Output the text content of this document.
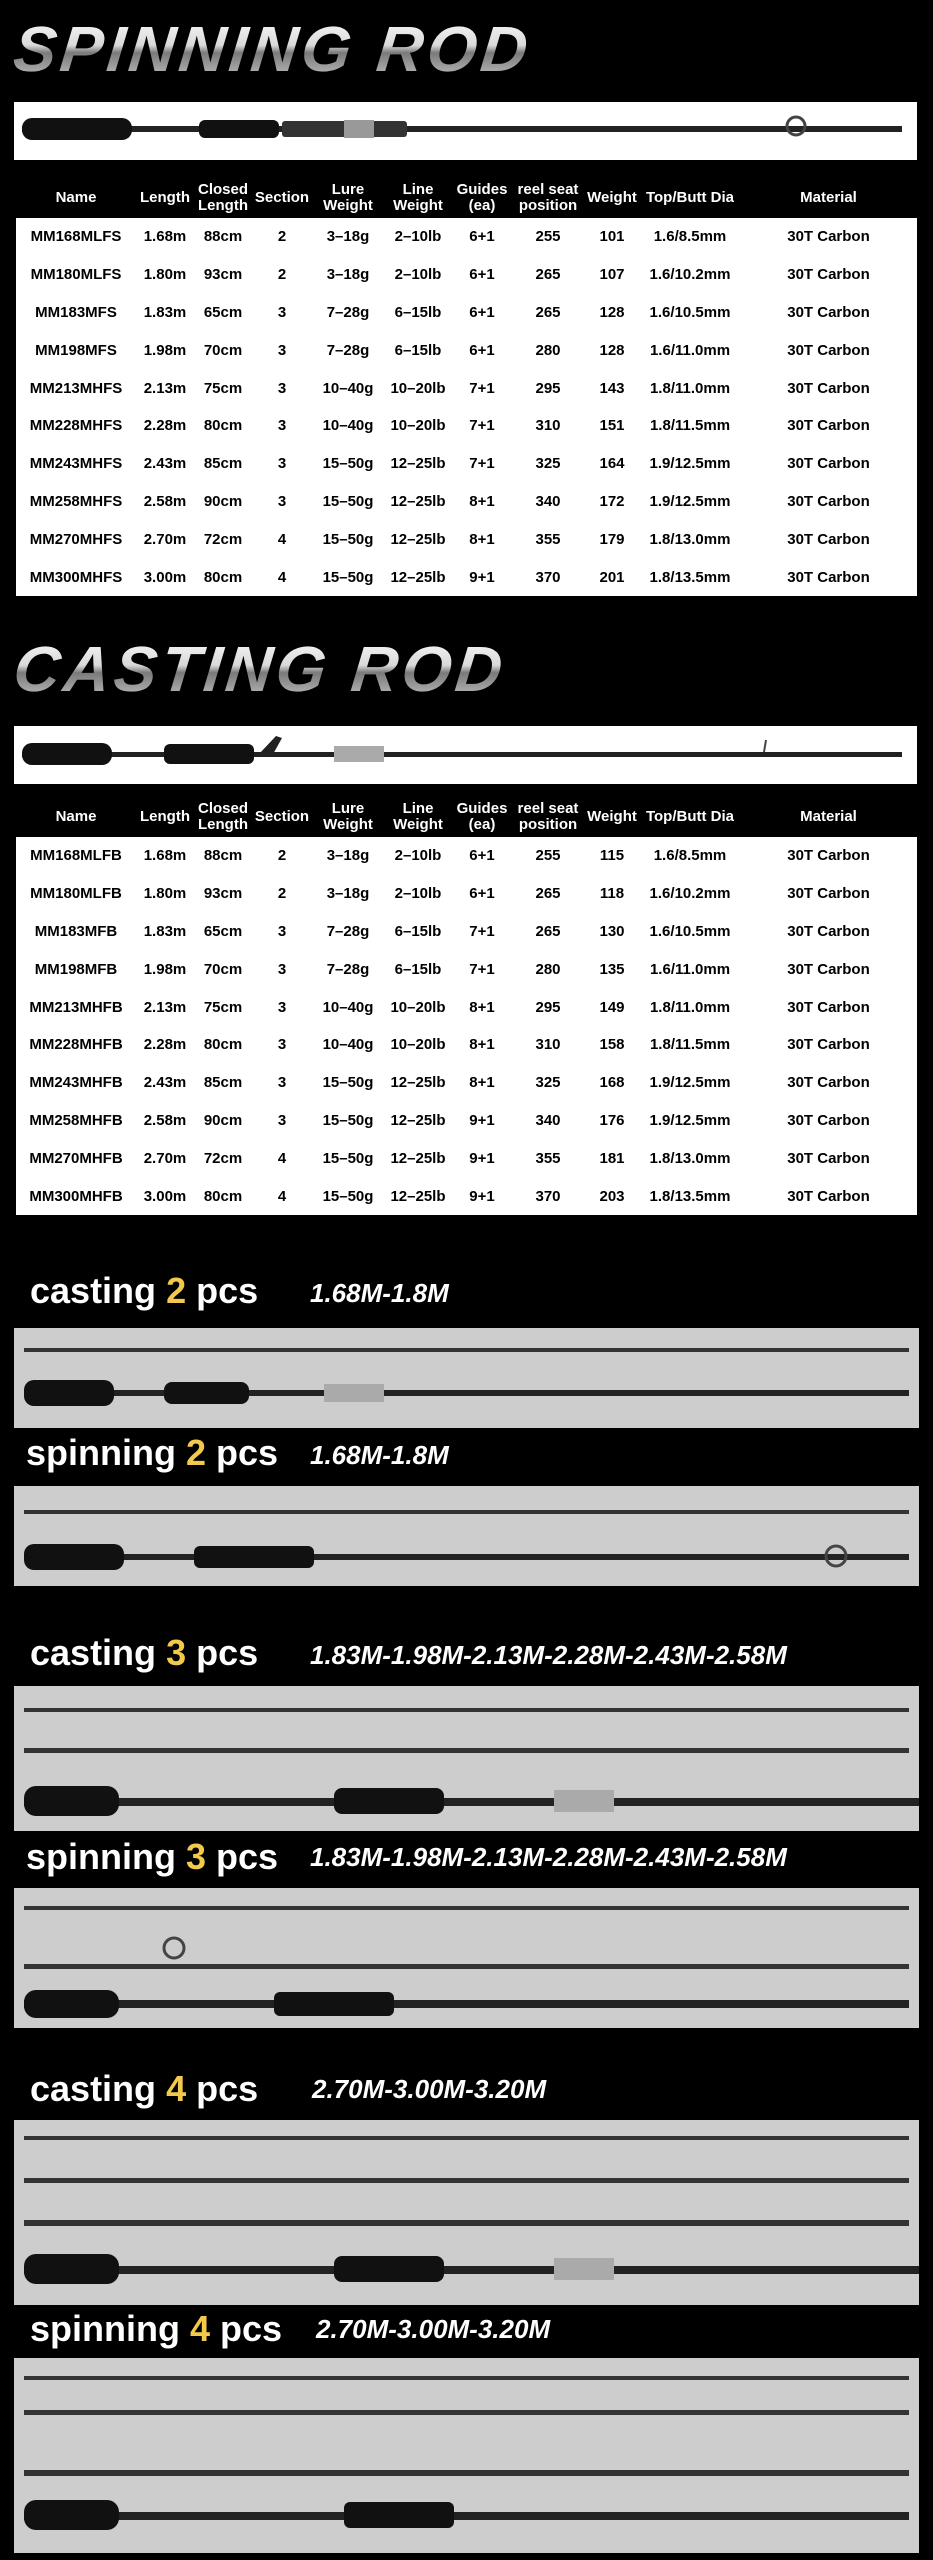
SPINNING ROD
Name	Length	Closed Length	Section	Lure Weight	Line Weight	Guides (ea)	reel seat position	Weight	Top/Butt Dia	Material
MM168MLFS	1.68m	88cm	2	3–18g	2–10lb	6+1	255	101	1.6/8.5mm	30T Carbon
MM180MLFS	1.80m	93cm	2	3–18g	2–10lb	6+1	265	107	1.6/10.2mm	30T Carbon
MM183MFS	1.83m	65cm	3	7–28g	6–15lb	6+1	265	128	1.6/10.5mm	30T Carbon
MM198MFS	1.98m	70cm	3	7–28g	6–15lb	6+1	280	128	1.6/11.0mm	30T Carbon
MM213MHFS	2.13m	75cm	3	10–40g	10–20lb	7+1	295	143	1.8/11.0mm	30T Carbon
MM228MHFS	2.28m	80cm	3	10–40g	10–20lb	7+1	310	151	1.8/11.5mm	30T Carbon
MM243MHFS	2.43m	85cm	3	15–50g	12–25lb	7+1	325	164	1.9/12.5mm	30T Carbon
MM258MHFS	2.58m	90cm	3	15–50g	12–25lb	8+1	340	172	1.9/12.5mm	30T Carbon
MM270MHFS	2.70m	72cm	4	15–50g	12–25lb	8+1	355	179	1.8/13.0mm	30T Carbon
MM300MHFS	3.00m	80cm	4	15–50g	12–25lb	9+1	370	201	1.8/13.5mm	30T Carbon
CASTING ROD
Name	Length	Closed Length	Section	Lure Weight	Line Weight	Guides (ea)	reel seat position	Weight	Top/Butt Dia	Material
MM168MLFB	1.68m	88cm	2	3–18g	2–10lb	6+1	255	115	1.6/8.5mm	30T Carbon
MM180MLFB	1.80m	93cm	2	3–18g	2–10lb	6+1	265	118	1.6/10.2mm	30T Carbon
MM183MFB	1.83m	65cm	3	7–28g	6–15lb	7+1	265	130	1.6/10.5mm	30T Carbon
MM198MFB	1.98m	70cm	3	7–28g	6–15lb	7+1	280	135	1.6/11.0mm	30T Carbon
MM213MHFB	2.13m	75cm	3	10–40g	10–20lb	8+1	295	149	1.8/11.0mm	30T Carbon
MM228MHFB	2.28m	80cm	3	10–40g	10–20lb	8+1	310	158	1.8/11.5mm	30T Carbon
MM243MHFB	2.43m	85cm	3	15–50g	12–25lb	8+1	325	168	1.9/12.5mm	30T Carbon
MM258MHFB	2.58m	90cm	3	15–50g	12–25lb	9+1	340	176	1.9/12.5mm	30T Carbon
MM270MHFB	2.70m	72cm	4	15–50g	12–25lb	9+1	355	181	1.8/13.0mm	30T Carbon
MM300MHFB	3.00m	80cm	4	15–50g	12–25lb	9+1	370	203	1.8/13.5mm	30T Carbon
casting 2 pcs 1.68M-1.8M
spinning 2 pcs 1.68M-1.8M
casting 3 pcs 1.83M-1.98M-2.13M-2.28M-2.43M-2.58M
spinning 3 pcs 1.83M-1.98M-2.13M-2.28M-2.43M-2.58M
casting 4 pcs 2.70M-3.00M-3.20M
spinning 4 pcs 2.70M-3.00M-3.20M
